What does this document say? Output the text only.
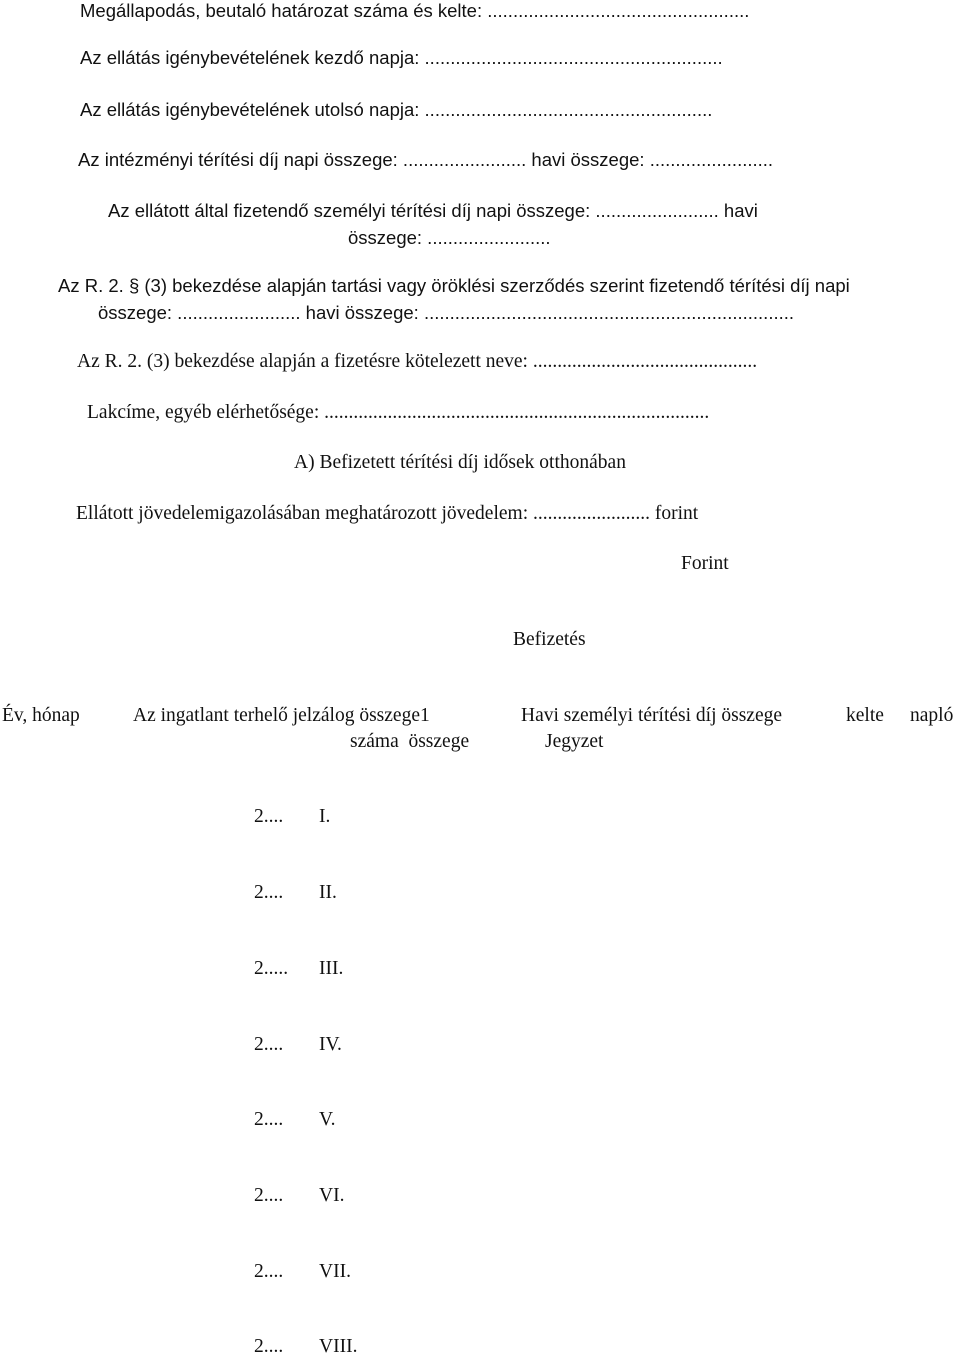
Megállapodás, beutaló határozat száma és kelte: ...................................................

Az ellátás igénybevételének kezdő napja: ..........................................................

Az ellátás igénybevételének utolsó napja: ........................................................

Az intézményi térítési díj napi összege: ........................ havi összege: ........................

Az ellátott által fizetendő személyi térítési díj napi összege: ........................ havi

összege: ........................

Az R. 2. § (3) bekezdése alapján tartási vagy öröklési szerződés szerint fizetendő térítési díj napi

összege: ........................ havi összege: ........................................................................

Az R. 2. (3) bekezdése alapján a fizetésre kötelezett neve: ..............................................

Lakcíme, egyéb elérhetősége: ...............................................................................

A) Befizetett térítési díj idősek otthonában

Ellátott jövedelemigazolásában meghatározott jövedelem: ........................ forint

Forint

Befizetés

Év, hónap	Az ingatlant terhelő jelzálog összege1	Havi személyi térítési díj összege	kelte napló

száma  összege	Jegyzet

2.... I.

2.... II.

2..... III.

2.... IV.

2.... V.

2.... VI.

2.... VII.

2.... VIII.
